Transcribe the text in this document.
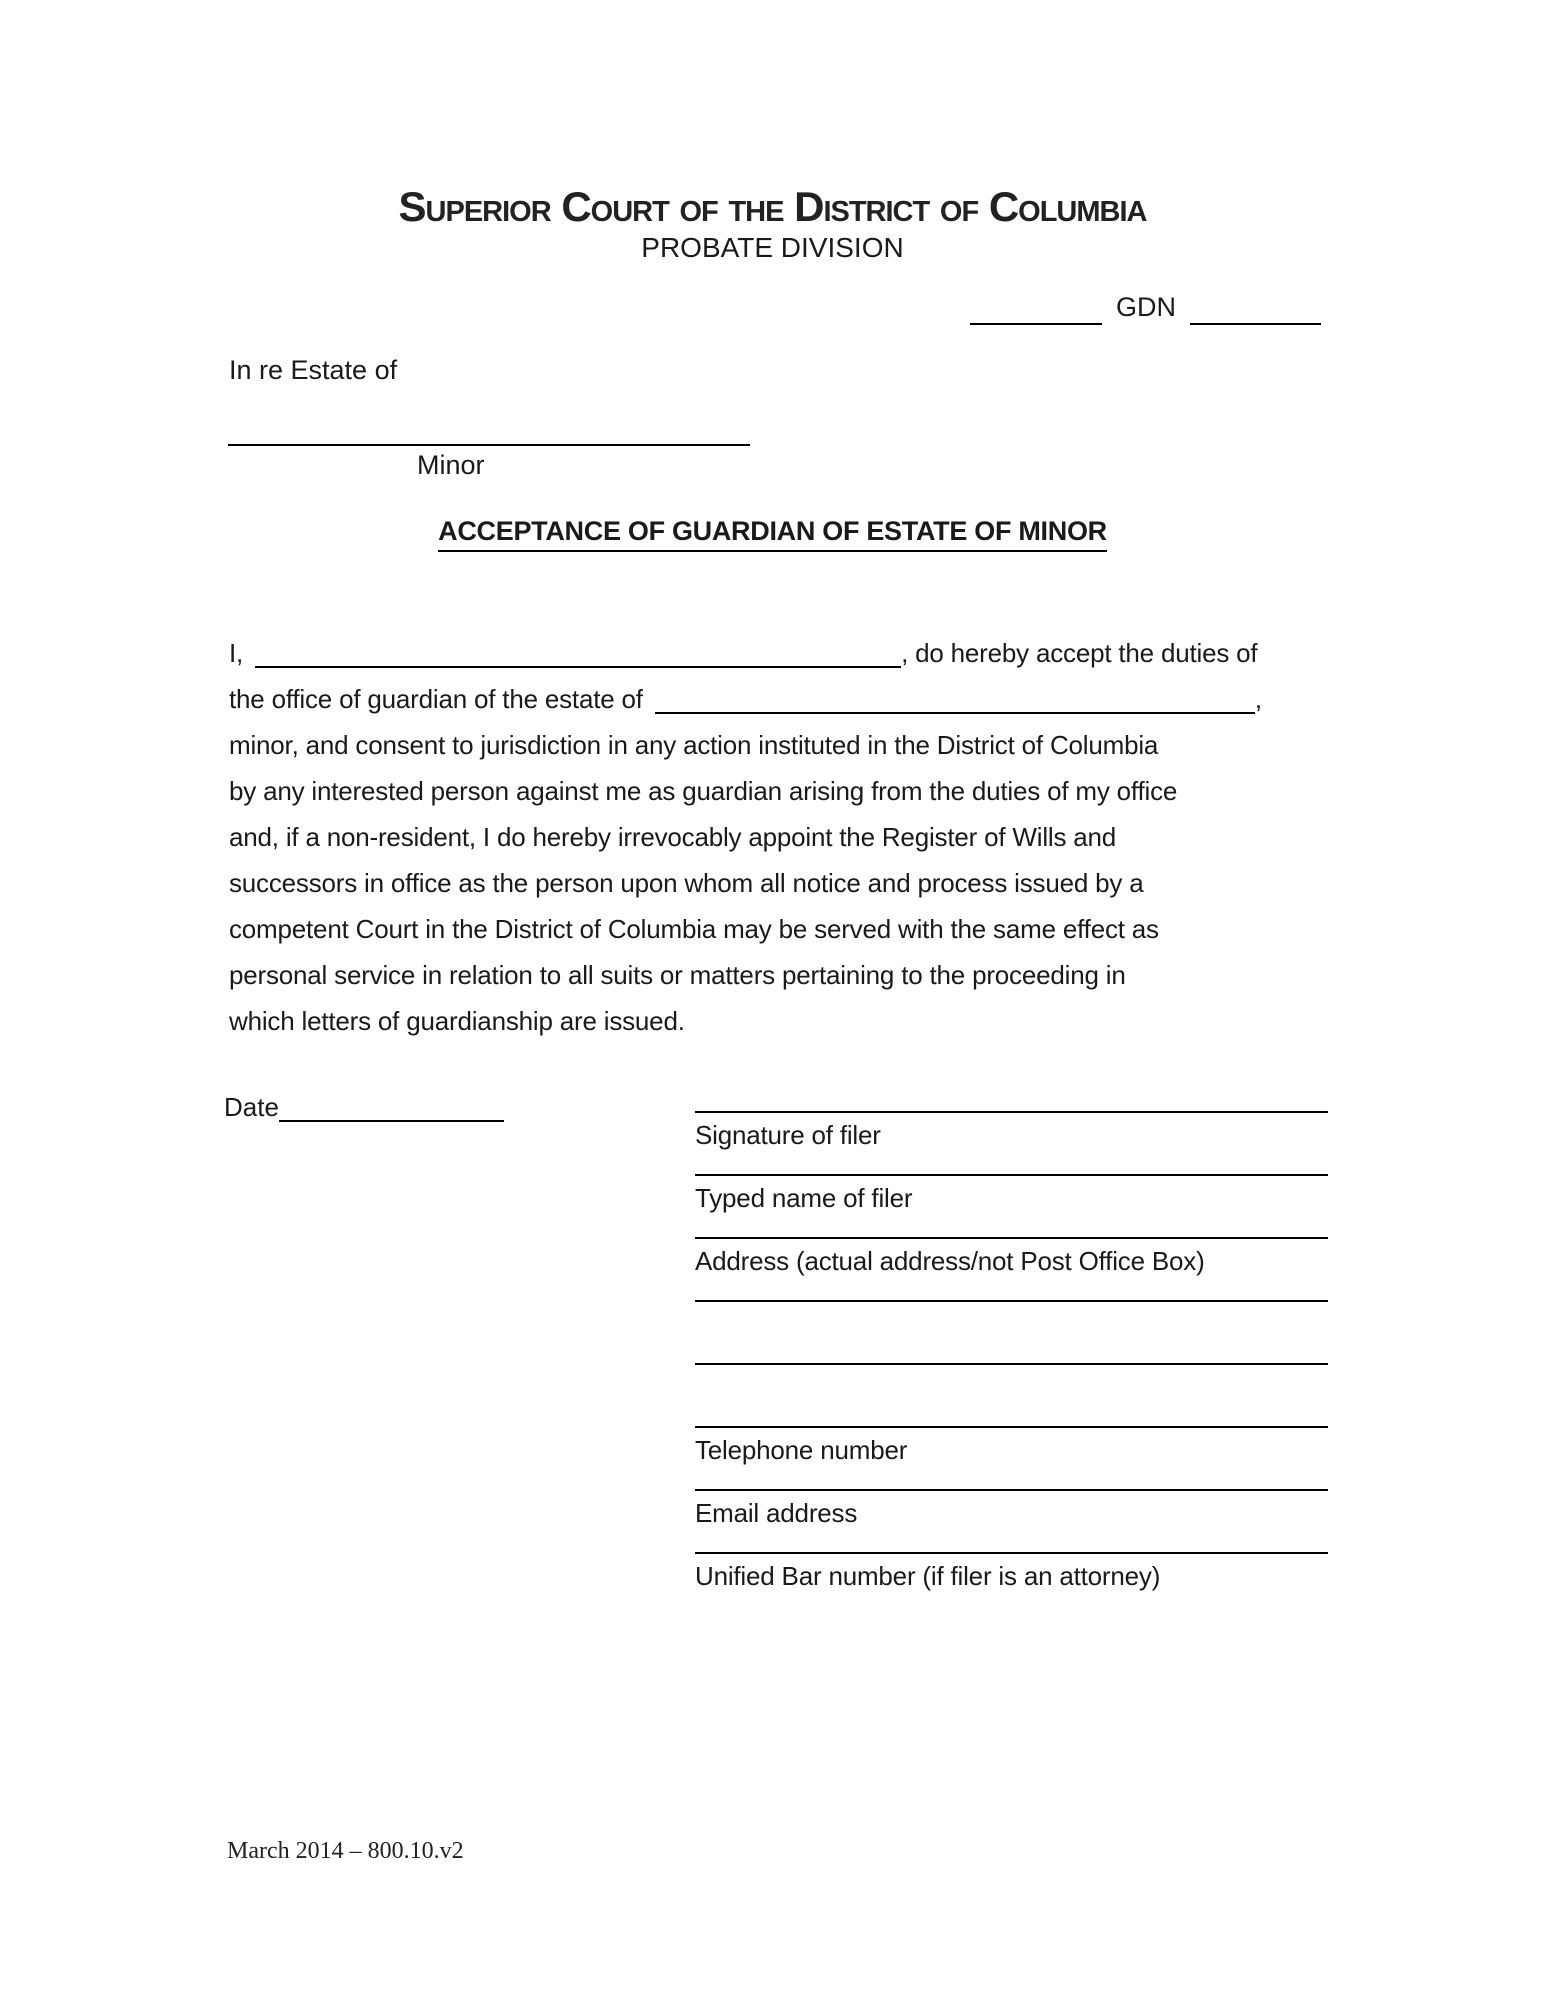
Superior Court of the District of Columbia
PROBATE DIVISION
GDN
In re Estate of
Minor
ACCEPTANCE OF GUARDIAN OF ESTATE OF MINOR
I,	, do hereby accept the duties of
the office of guardian of the estate of	,
minor, and consent to jurisdiction in any action instituted in the District of Columbia
by any interested person against me as guardian arising from the duties of my office
and, if a non-resident, I do hereby irrevocably appoint the Register of Wills and
successors in office as the person upon whom all notice and process issued by a
competent Court in the District of Columbia may be served with the same effect as
personal service in relation to all suits or matters pertaining to the proceeding in
which letters of guardianship are issued.
Date
Signature of filer
Typed name of filer
Address (actual address/not Post Office Box)
Telephone number
Email address
Unified Bar number (if filer is an attorney)
March 2014 – 800.10.v2
